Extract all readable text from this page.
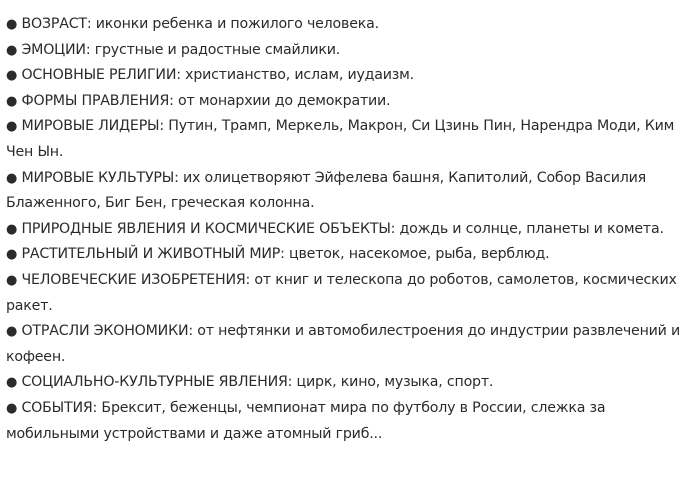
● ВОЗРАСТ: иконки ребенка и пожилого человека.
● ЭМОЦИИ: грустные и радостные смайлики.
● ОСНОВНЫЕ РЕЛИГИИ: христианство, ислам, иудаизм.
● ФОРМЫ ПРАВЛЕНИЯ: от монархии до демократии.
● МИРОВЫЕ ЛИДЕРЫ: Путин, Трамп, Меркель, Макрон, Си Цзинь Пин, Нарендра Моди, Ким Чен Ын.
● МИРОВЫЕ КУЛЬТУРЫ: их олицетворяют Эйфелева башня, Капитолий, Собор Василия Блаженного, Биг Бен, греческая колонна.
● ПРИРОДНЫЕ ЯВЛЕНИЯ И КОСМИЧЕСКИЕ ОБЪЕКТЫ: дождь и солнце, планеты и комета.
● РАСТИТЕЛЬНЫЙ И ЖИВОТНЫЙ МИР: цветок, насекомое, рыба, верблюд.
● ЧЕЛОВЕЧЕСКИЕ ИЗОБРЕТЕНИЯ: от книг и телескопа до роботов, самолетов, космических ракет.
● ОТРАСЛИ ЭКОНОМИКИ: от нефтянки и автомобилестроения до индустрии развлечений и кофеен.
● СОЦИАЛЬНО-КУЛЬТУРНЫЕ ЯВЛЕНИЯ: цирк, кино, музыка, спорт.
● СОБЫТИЯ: Брексит, беженцы, чемпионат мира по футболу в России, слежка за мобильными устройствами и даже атомный гриб...
